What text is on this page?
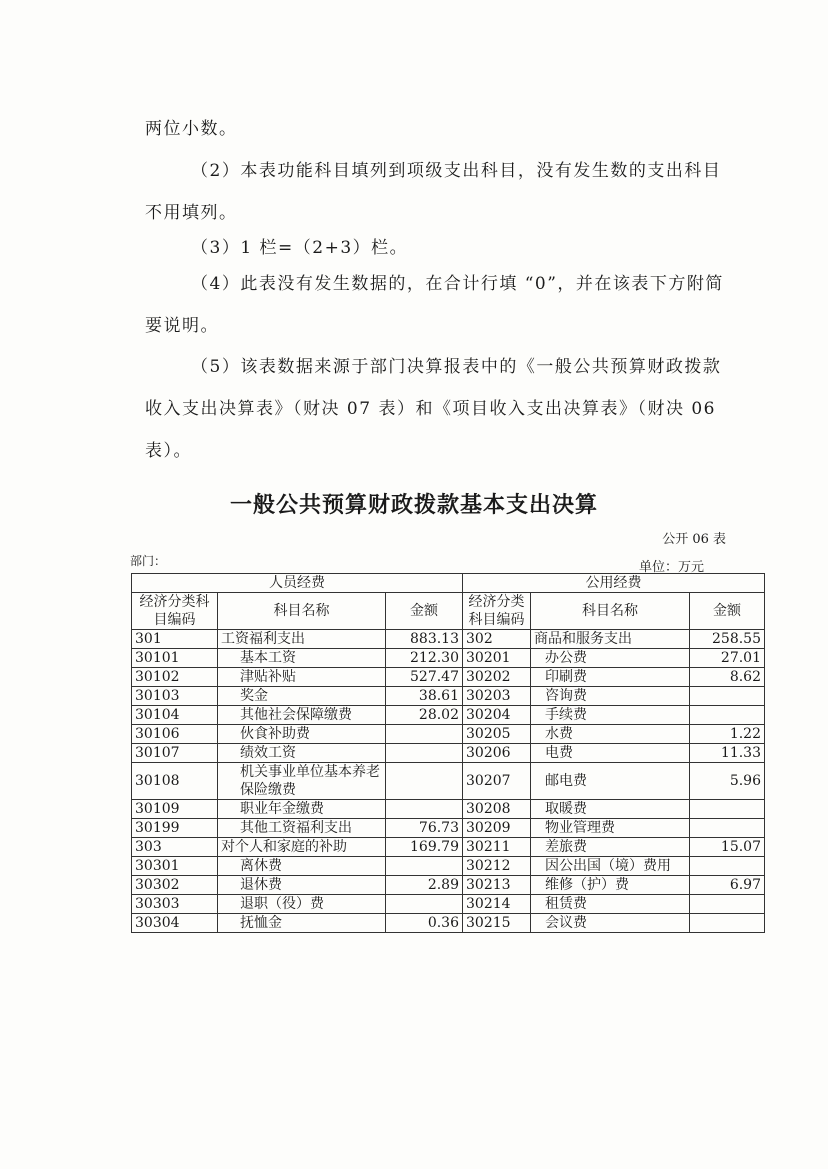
两位小数。

（2）本表功能科目填列到项级支出科目，没有发生数的支出科目不用填列。

（3）1 栏=（2+3）栏。

（4）此表没有发生数据的，在合计行填 “0”，并在该表下方附简要说明。

（5）该表数据来源于部门决算报表中的《一般公共预算财政拨款收入支出决算表》（财决 07 表）和《项目收入支出决算表》（财决 06 表）。

一般公共预算财政拨款基本支出决算
公开 06 表
部门：	单位：万元
人员经费			公用经费		
经济分类科目编码	科目名称	金额	经济分类科目编码	科目名称	金额
301	工资福利支出	883.13	302	商品和服务支出	258.55
30101	基本工资	212.30	30201	办公费	27.01
30102	津贴补贴	527.47	30202	印刷费	8.62
30103	奖金	38.61	30203	咨询费	
30104	其他社会保障缴费	28.02	30204	手续费	
30106	伙食补助费		30205	水费	1.22
30107	绩效工资		30206	电费	11.33
30108	机关事业单位基本养老保险缴费		30207	邮电费	5.96
30109	职业年金缴费		30208	取暖费	
30199	其他工资福利支出	76.73	30209	物业管理费	
303	对个人和家庭的补助	169.79	30211	差旅费	15.07
30301	离休费		30212	因公出国（境）费用	
30302	退休费	2.89	30213	维修（护）费	6.97
30303	退职（役）费		30214	租赁费	
30304	抚恤金	0.36	30215	会议费	
